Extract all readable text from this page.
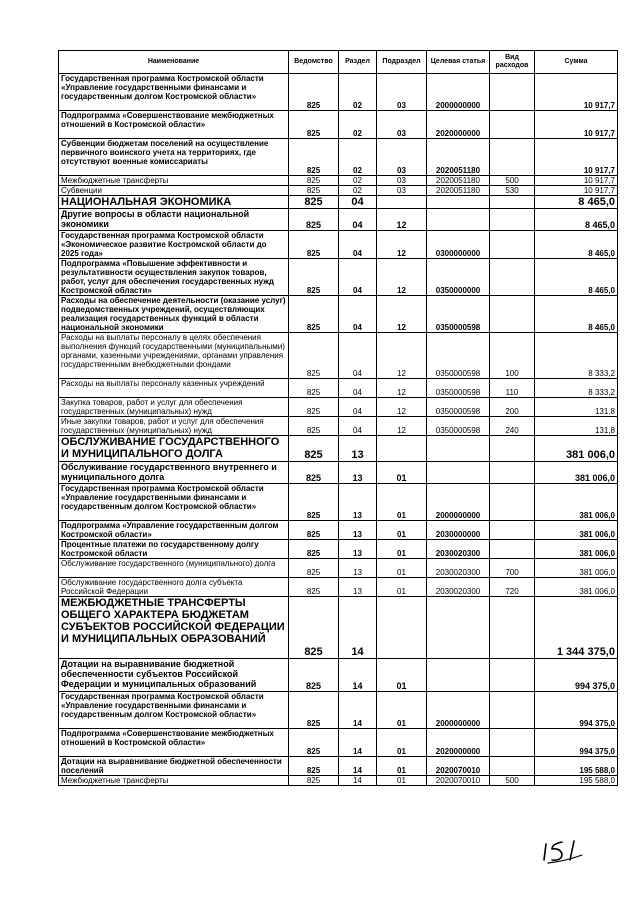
Наименование	Ведомство	Раздел	Подраздел	Целевая статья	Вид расходов	Сумма
Государственная программа Костромской области «Управление государственными финансами и государственным долгом Костромской области»	825	02	03	2000000000		10 917,7
Подпрограмма «Совершенствование межбюджетных отношений в Костромской области»	825	02	03	2020000000		10 917,7
Субвенции бюджетам поселений на осуществление первичного воинского учета на территориях, где отсутствуют военные комиссариаты	825	02	03	2020051180		10 917,7
Межбюджетные трансферты	825	02	03	2020051180	500	10 917,7
Субвенции	825	02	03	2020051180	530	10 917,7
НАЦИОНАЛЬНАЯ ЭКОНОМИКА	825	04				8 465,0
Другие вопросы в области национальной экономики	825	04	12			8 465,0
Государственная программа Костромской области «Экономическое развитие Костромской области до 2025 года»	825	04	12	0300000000		8 465,0
Подпрограмма «Повышение эффективности и результативности осуществления закупок товаров, работ, услуг для обеспечения государственных нужд Костромской области»	825	04	12	0350000000		8 465,0
Расходы на обеспечение деятельности (оказание услуг) подведомственных учреждений, осуществляющих реализация государственных функций в области национальной экономики	825	04	12	0350000598		8 465,0
Расходы на выплаты персоналу в целях обеспечения выполнения функций государственными (муниципальными) органами, казенными учреждениями, органами управления государственными внебюджетными фондами	825	04	12	0350000598	100	8 333,2
Расходы на выплаты персоналу казенных учреждений	825	04	12	0350000598	110	8 333,2
Закупка товаров, работ и услуг для обеспечения государственных (муниципальных) нужд	825	04	12	0350000598	200	131,8
Иные закупки товаров, работ и услуг для обеспечения государственных (муниципальных) нужд	825	04	12	0350000598	240	131,8
ОБСЛУЖИВАНИЕ ГОСУДАРСТВЕННОГО И МУНИЦИПАЛЬНОГО ДОЛГА	825	13				381 006,0
Обслуживание государственного внутреннего и муниципального долга	825	13	01			381 006,0
Государственная программа Костромской области «Управление государственными финансами и государственным долгом Костромской области»	825	13	01	2000000000		381 006,0
Подпрограмма «Управление государственным долгом Костромской области»	825	13	01	2030000000		381 006,0
Процентные платежи по государственному долгу Костромской области	825	13	01	2030020300		381 006,0
Обслуживание государственного (муниципального) долга	825	13	01	2030020300	700	381 006,0
Обслуживание государственного долга субъекта Российской Федерации	825	13	01	2030020300	720	381 006,0
МЕЖБЮДЖЕТНЫЕ ТРАНСФЕРТЫ ОБЩЕГО ХАРАКТЕРА БЮДЖЕТАМ СУБЪЕКТОВ РОССИЙСКОЙ ФЕДЕРАЦИИ И МУНИЦИПАЛЬНЫХ ОБРАЗОВАНИЙ	825	14				1 344 375,0
Дотации на выравнивание бюджетной обеспеченности субъектов Российской Федерации и муниципальных образований	825	14	01			994 375,0
Государственная программа Костромской области «Управление государственными финансами и государственным долгом Костромской области»	825	14	01	2000000000		994 375,0
Подпрограмма «Совершенствование межбюджетных отношений в Костромской области»	825	14	01	2020000000		994 375,0
Дотации на выравнивание бюджетной обеспеченности поселений	825	14	01	2020070010		195 588,0
Межбюджетные трансферты	825	14	01	2020070010	500	195 588,0
